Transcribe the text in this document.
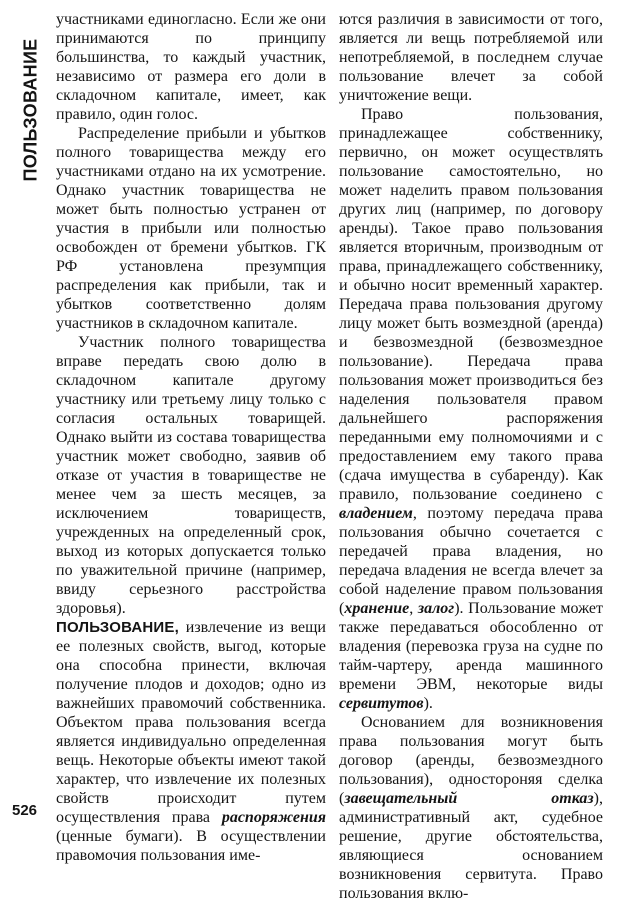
ПОЛЬЗОВАНИЕ

участниками единогласно. Если же они принимаются по принципу большинства, то каждый участник, независимо от размера его доли в складочном капитале, имеет, как правило, один голос.

Распределение прибыли и убытков полного товарищества между его участниками отдано на их усмотрение. Однако участник товарищества не может быть полностью устранен от участия в прибыли или полностью освобожден от бремени убытков. ГК РФ установлена презумпция распределения как прибыли, так и убытков соответственно долям участников в складочном капитале.

Участник полного товарищества вправе передать свою долю в складочном капитале другому участнику или третьему лицу только с согласия остальных товарищей. Однако выйти из состава товарищества участник может свободно, заявив об отказе от участия в товариществе не менее чем за шесть месяцев, за исключением товариществ, учрежденных на определенный срок, выход из которых допускается только по уважительной причине (например, ввиду серьезного расстройства здоровья).

ПОЛЬЗОВАНИЕ, извлечение из вещи ее полезных свойств, выгод, которые она способна принести, включая получение плодов и доходов; одно из важнейших правомочий собственника. Объектом права пользования всегда является индивидуально определенная вещь. Некоторые объекты имеют такой характер, что извлечение их полезных свойств происходит путем осуществления права распоряжения (ценные бумаги). В осуществлении правомочия пользования име-

ются различия в зависимости от того, является ли вещь потребляемой или непотребляемой, в последнем случае пользование влечет за собой уничтожение вещи.

Право пользования, принадлежащее собственнику, первично, он может осуществлять пользование самостоятельно, но может наделить правом пользования других лиц (например, по договору аренды). Такое право пользования является вторичным, производным от права, принадлежащего собственнику, и обычно носит временный характер. Передача права пользования другому лицу может быть возмездной (аренда) и безвозмездной (безвозмездное пользование). Передача права пользования может производиться без наделения пользователя правом дальнейшего распоряжения переданными ему полномочиями и с предоставлением ему такого права (сдача имущества в субаренду). Как правило, пользование соединено с владением, поэтому передача права пользования обычно сочетается с передачей права владения, но передача владения не всегда влечет за собой наделение правом пользования (хранение, залог). Пользование может также передаваться обособленно от владения (перевозка груза на судне по тайм-чартеру, аренда машинного времени ЭВМ, некоторые виды сервитутов).

Основанием для возникновения права пользования могут быть договор (аренды, безвозмездного пользования), одностороняя сделка (завещательный отказ), административный акт, судебное решение, другие обстоятельства, являющиеся основанием возникновения сервитута. Право пользования вклю-

526
